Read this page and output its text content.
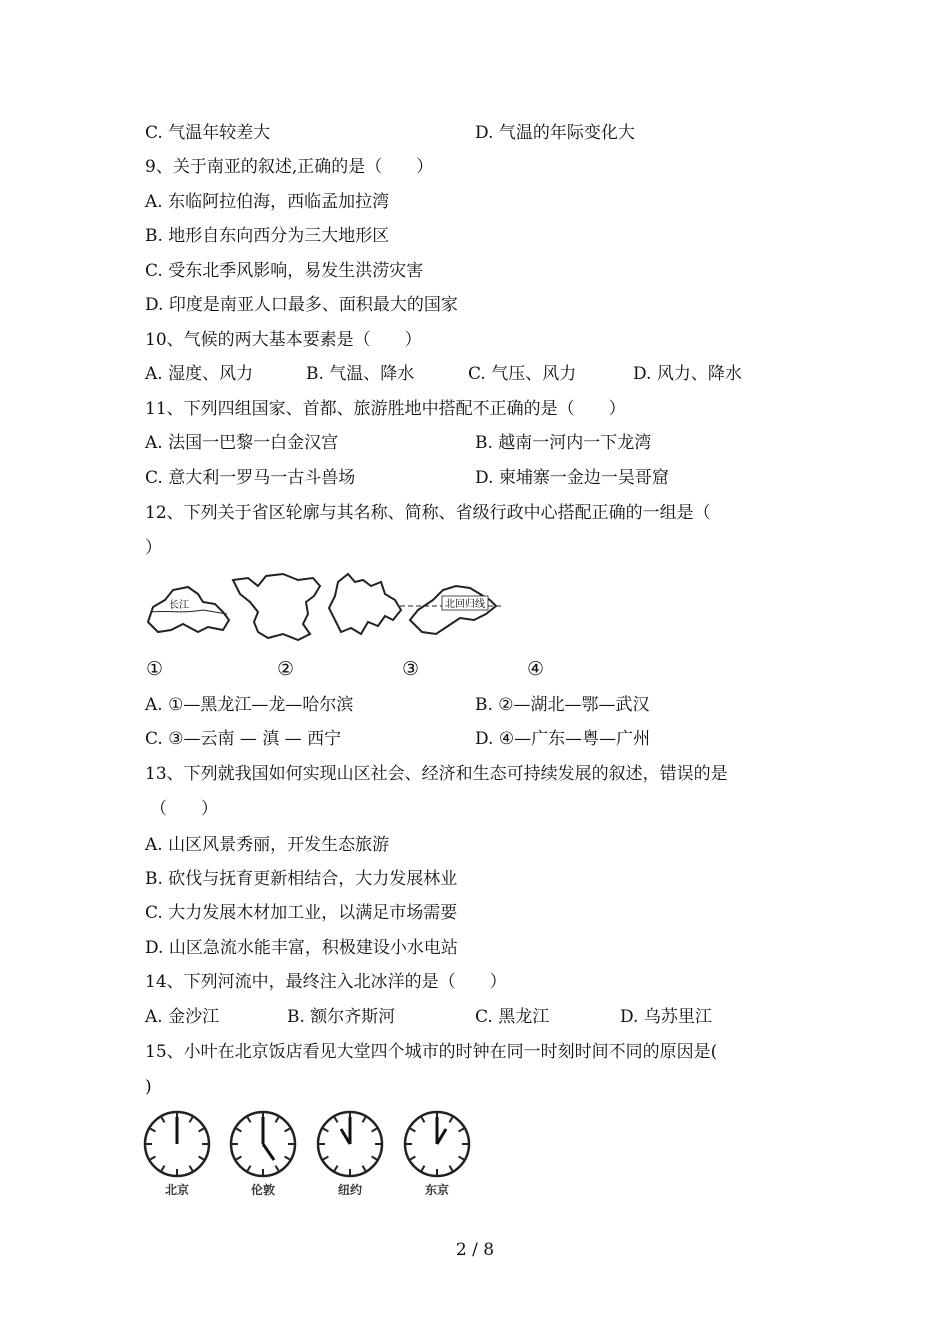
C. 气温年较差大	D. 气温的年际变化大
9、关于南亚的叙述,正确的是（　　）
A. 东临阿拉伯海，西临孟加拉湾
B. 地形自东向西分为三大地形区
C. 受东北季风影响，易发生洪涝灾害
D. 印度是南亚人口最多、面积最大的国家
10、气候的两大基本要素是（　　）
A. 湿度、风力	B. 气温、降水	C. 气压、风力	D. 风力、降水
11、下列四组国家、首都、旅游胜地中搭配不正确的是（　　）
A. 法国一巴黎一白金汉宫	B. 越南一河内一下龙湾
C. 意大利一罗马一古斗兽场	D. 柬埔寨一金边一吴哥窟
12、下列关于省区轮廓与其名称、简称、省级行政中心搭配正确的一组是（
）
长江	北回归线
①	②	③	④
A. ①—黑龙江—龙—哈尔滨	B. ②—湖北—鄂—武汉
C. ③—云南 — 滇 — 西宁	D. ④—广东—粤—广州
13、下列就我国如何实现山区社会、经济和生态可持续发展的叙述，错误的是
（　　）
A. 山区风景秀丽，开发生态旅游
B. 砍伐与抚育更新相结合，大力发展林业
C. 大力发展木材加工业，以满足市场需要
D. 山区急流水能丰富，积极建设小水电站
14、下列河流中，最终注入北冰洋的是（　　）
A. 金沙江	B. 额尔齐斯河	C. 黑龙江	D. 乌苏里江
15、小叶在北京饭店看见大堂四个城市的时钟在同一时刻时间不同的原因是(
)
北京	伦敦	纽约	东京
2 / 8
